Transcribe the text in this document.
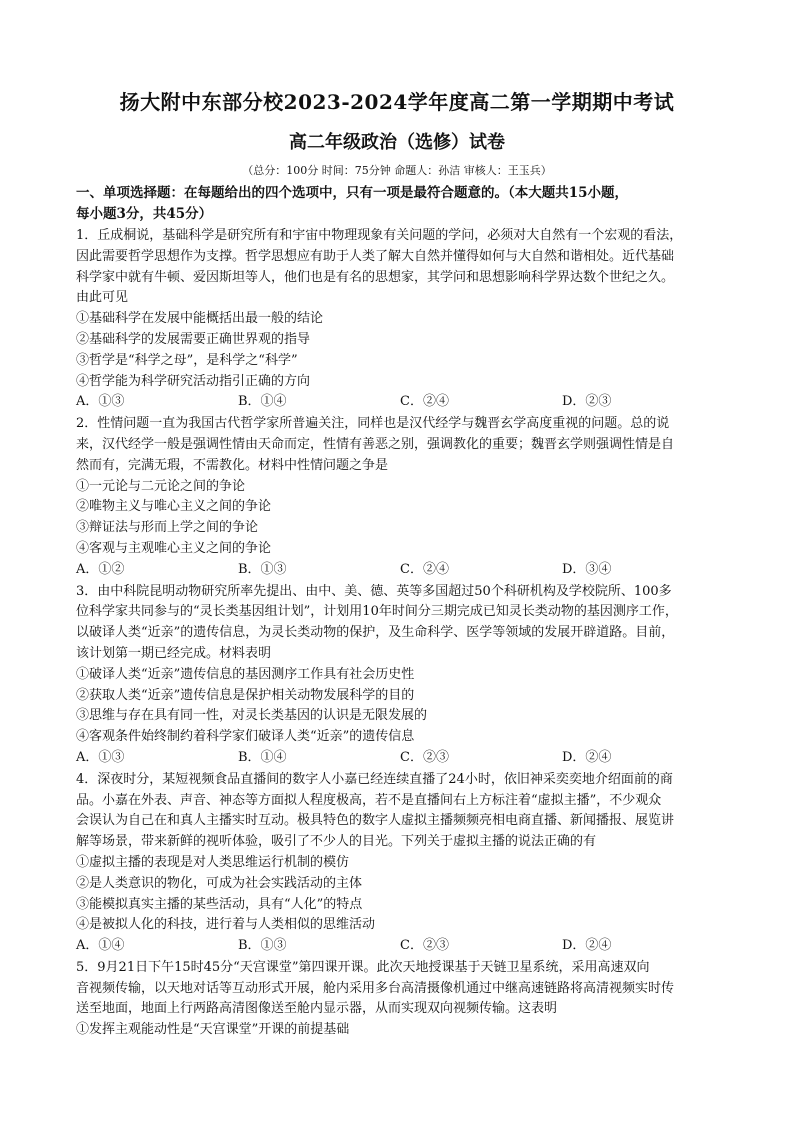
扬大附中东部分校2023-2024学年度高二第一学期期中考试
高二年级政治（选修）试卷
（总分：100分 时间：75分钟 命题人：孙洁 审核人：王玉兵）

一、单项选择题：在每题给出的四个选项中，只有一项是最符合题意的。（本大题共15小题，

每小题3分，共45分）

1．丘成桐说，基础科学是研究所有和宇宙中物理现象有关问题的学问，必须对大自然有一个宏观的看法，

因此需要哲学思想作为支撑。哲学思想应有助于人类了解大自然并懂得如何与大自然和谐相处。近代基础

科学家中就有牛顿、爱因斯坦等人，他们也是有名的思想家，其学问和思想影响科学界达数个世纪之久。

由此可见

①基础科学在发展中能概括出最一般的结论

②基础科学的发展需要正确世界观的指导

③哲学是“科学之母”，是科学之“科学”

④哲学能为科学研究活动指引正确的方向

A．①③	B．①④	C．②④	D．②③

2．性情问题一直为我国古代哲学家所普遍关注，同样也是汉代经学与魏晋玄学高度重视的问题。总的说

来，汉代经学一般是强调性情由天命而定，性情有善恶之别，强调教化的重要；魏晋玄学则强调性情是自

然而有，完满无瑕，不需教化。材料中性情问题之争是

①一元论与二元论之间的争论

②唯物主义与唯心主义之间的争论

③辩证法与形而上学之间的争论

④客观与主观唯心主义之间的争论

A．①②	B．①③	C．②④	D．③④

3．由中科院昆明动物研究所率先提出、由中、美、德、英等多国超过50个科研机构及学校院所、100多

位科学家共同参与的“灵长类基因组计划”，计划用10年时间分三期完成已知灵长类动物的基因测序工作，

以破译人类“近亲”的遗传信息，为灵长类动物的保护，及生命科学、医学等领域的发展开辟道路。目前，

该计划第一期已经完成。材料表明

①破译人类“近亲”遗传信息的基因测序工作具有社会历史性

②获取人类“近亲”遗传信息是保护相关动物发展科学的目的

③思维与存在具有同一性，对灵长类基因的认识是无限发展的

④客观条件始终制约着科学家们破译人类“近亲”的遗传信息

A．①③	B．①④	C．②③	D．②④

4．深夜时分，某短视频食品直播间的数字人小嘉已经连续直播了24小时，依旧神采奕奕地介绍面前的商

品。小嘉在外表、声音、神态等方面拟人程度极高，若不是直播间右上方标注着“虚拟主播”，不少观众

会误认为自己在和真人主播实时互动。极具特色的数字人虚拟主播频频亮相电商直播、新闻播报、展览讲

解等场景，带来新鲜的视听体验，吸引了不少人的目光。下列关于虚拟主播的说法正确的有

①虚拟主播的表现是对人类思维运行机制的模仿

②是人类意识的物化，可成为社会实践活动的主体

③能模拟真实主播的某些活动，具有“人化”的特点

④是被拟人化的科技，进行着与人类相似的思维活动

A．①④	B．①③	C．②③	D．②④

5．9月21日下午15时45分“天宫课堂”第四课开课。此次天地授课基于天链卫星系统，采用高速双向

音视频传输，以天地对话等互动形式开展，舱内采用多台高清摄像机通过中继高速链路将高清视频实时传

送至地面，地面上行两路高清图像送至舱内显示器，从而实现双向视频传输。这表明

①发挥主观能动性是“天宫课堂”开课的前提基础
